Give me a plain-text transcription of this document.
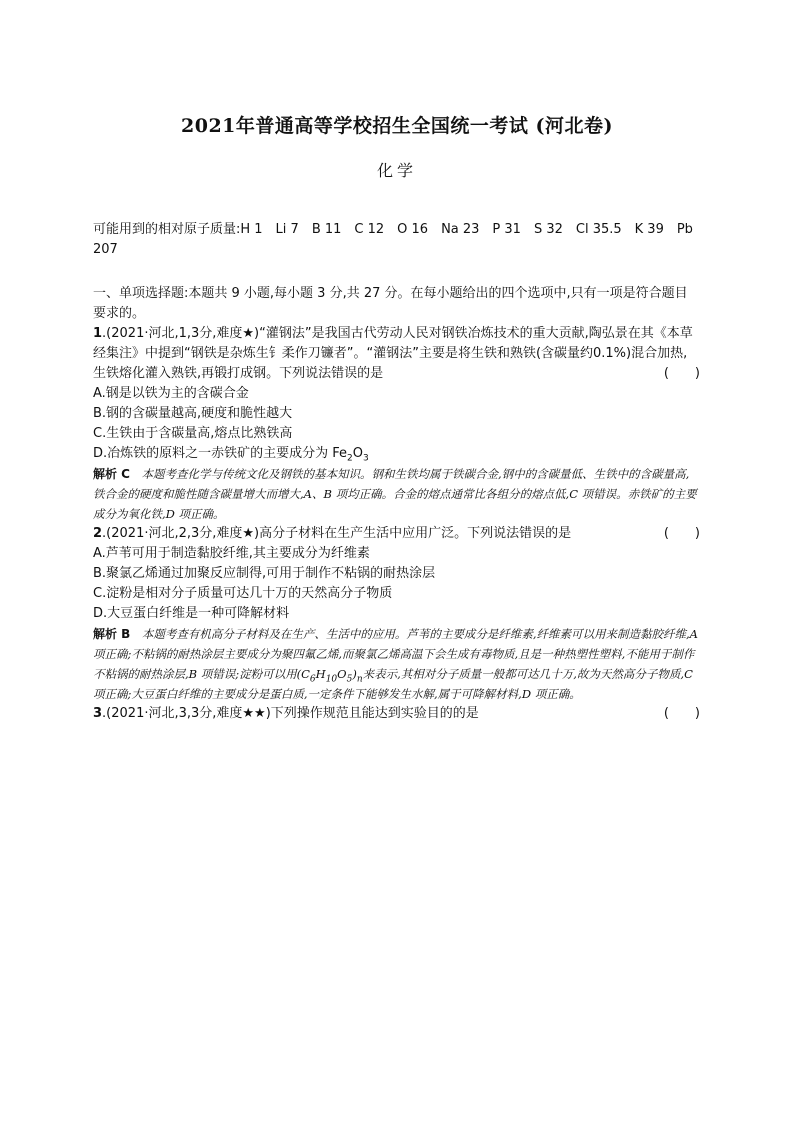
2021年普通高等学校招生全国统一考试 (河北卷)
化学

可能用到的相对原子质量:H 1　Li 7　B 11　C 12　O 16　Na 23　P 31　S 32　Cl 35.5　K 39　Pb 207

一、单项选择题:本题共 9 小题,每小题 3 分,共 27 分。在每小题给出的四个选项中,只有一项是符合题目要求的。

1.(2021·河北,1,3分,难度★)“灌钢法”是我国古代劳动人民对钢铁冶炼技术的重大贡献,陶弘景在其《本草经集注》中提到“钢铁是杂炼生钅柔作刀镰者”。“灌钢法”主要是将生铁和熟铁(含碳量约0.1%)混合加热,生铁熔化灌入熟铁,再锻打成钢。下列说法错误的是	(　　)

A.钢是以铁为主的含碳合金

B.钢的含碳量越高,硬度和脆性越大

C.生铁由于含碳量高,熔点比熟铁高

D.冶炼铁的原料之一赤铁矿的主要成分为 $Fe_2O_3$

解析 C　本题考查化学与传统文化及钢铁的基本知识。钢和生铁均属于铁碳合金,钢中的含碳量低、生铁中的含碳量高,铁合金的硬度和脆性随含碳量增大而增大,A、B 项均正确。合金的熔点通常比各组分的熔点低,C 项错误。赤铁矿的主要成分为氧化铁,D 项正确。

2.(2021·河北,2,3分,难度★)高分子材料在生产生活中应用广泛。下列说法错误的是	(　　)

A.芦苇可用于制造黏胶纤维,其主要成分为纤维素

B.聚氯乙烯通过加聚反应制得,可用于制作不粘锅的耐热涂层

C.淀粉是相对分子质量可达几十万的天然高分子物质

D.大豆蛋白纤维是一种可降解材料

解析 B　本题考查有机高分子材料及在生产、生活中的应用。芦苇的主要成分是纤维素,纤维素可以用来制造黏胶纤维,A 项正确;不粘锅的耐热涂层主要成分为聚四氟乙烯,而聚氯乙烯高温下会生成有毒物质,且是一种热塑性塑料,不能用于制作不粘锅的耐热涂层,B 项错误;淀粉可以用$(C_6H_{10}O_5)_n$来表示,其相对分子质量一般都可达几十万,故为天然高分子物质,C 项正确;大豆蛋白纤维的主要成分是蛋白质,一定条件下能够发生水解,属于可降解材料,D 项正确。

3.(2021·河北,3,3分,难度★★)下列操作规范且能达到实验目的的是	(　　)
